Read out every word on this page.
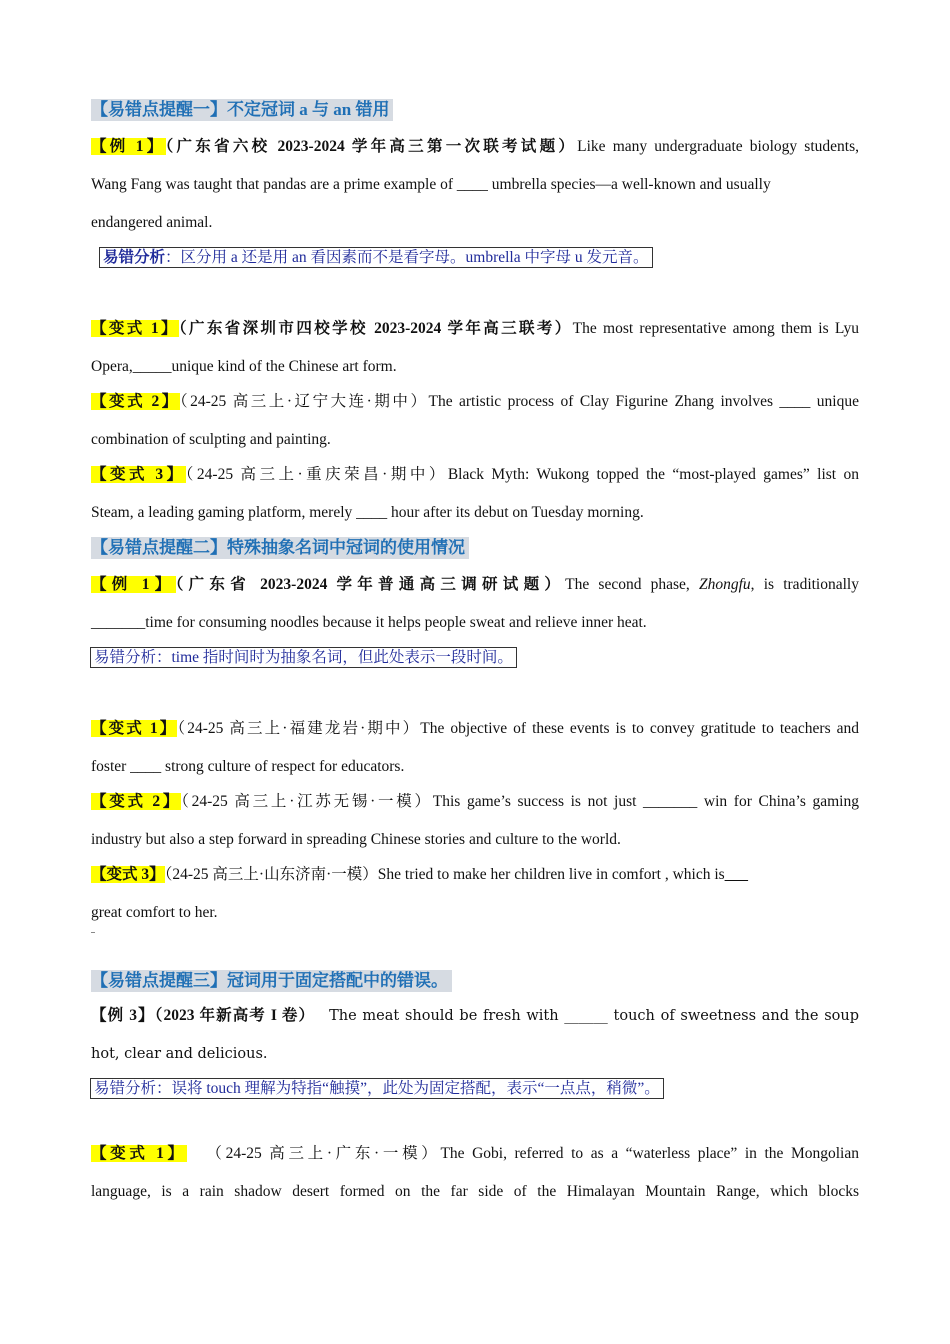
【易错点提醒一】不定冠词 a 与 an 错用
【例 1】（广东省六校 2023-2024 学年高三第一次联考试题）Like many undergraduate biology students,
Wang Fang was taught that pandas are a prime example of ____ umbrella species—a well-known and usually
endangered animal.
易错分析：区分用 a 还是用 an 看因素而不是看字母。umbrella 中字母 u 发元音。
【变式 1】（广东省深圳市四校学校 2023-2024 学年高三联考）The most representative among them is Lyu
Opera,_____unique kind of the Chinese art form.
【变式 2】（24-25 高三上·辽宁大连·期中）The artistic process of Clay Figurine Zhang involves ____ unique
combination of sculpting and painting.
【变式 3】（24-25 高三上·重庆荣昌·期中）Black Myth: Wukong topped the “most-played games” list on
Steam, a leading gaming platform, merely ____ hour after its debut on Tuesday morning.
【易错点提醒二】特殊抽象名词中冠词的使用情况
【例 1】（广东省 2023-2024 学年普通高三调研试题）The second phase, Zhongfu, is traditionally
_______time for consuming noodles because it helps people sweat and relieve inner heat.
易错分析：time 指时间时为抽象名词，但此处表示一段时间。
【变式 1】（24-25 高三上·福建龙岩·期中）The objective of these events is to convey gratitude to teachers and
foster ____ strong culture of respect for educators.
【变式 2】（24-25 高三上·江苏无锡·一模）This game’s success is not just _______ win for China’s gaming
industry but also a step forward in spreading Chinese stories and culture to the world.
【变式 3】（24-25 高三上·山东济南·一模）She tried to make her children live in comfort , which is___
great comfort to her.
【易错点提醒三】冠词用于固定搭配中的错误。
【例 3】（2023 年新高考 I 卷） The meat should be fresh with ______ touch of sweetness and the soup
hot, clear and delicious.
易错分析：误将 touch 理解为特指“触摸”，此处为固定搭配，表示“一点点，稍微”。
【变式 1】 （24-25 高三上·广东·一模）The Gobi, referred to as a “waterless place” in the Mongolian
language, is a rain shadow desert formed on the far side of the Himalayan Mountain Range, which blocks
